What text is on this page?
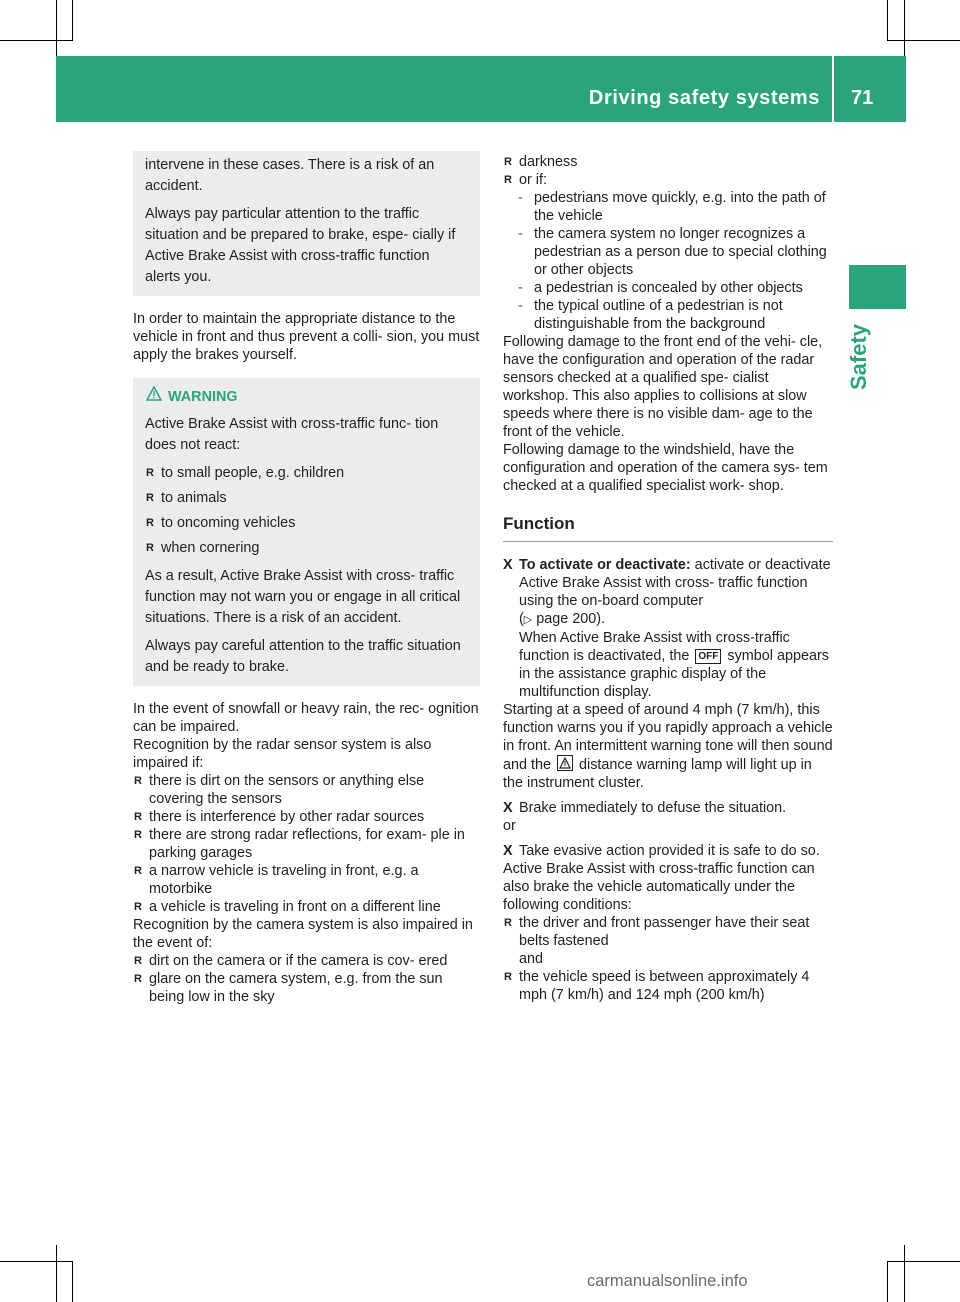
Driving safety systems 71
Safety

intervene in these cases. There is a risk of an accident.

Always pay particular attention to the traffic situation and be prepared to brake, espe- cially if Active Brake Assist with cross-traffic function alerts you.

In order to maintain the appropriate distance to the vehicle in front and thus prevent a colli- sion, you must apply the brakes yourself.

WARNING

Active Brake Assist with cross-traffic func- tion does not react:

R to small people, e.g. children

R to animals

R to oncoming vehicles

R when cornering

As a result, Active Brake Assist with cross- traffic function may not warn you or engage in all critical situations. There is a risk of an accident.

Always pay careful attention to the traffic situation and be ready to brake.

In the event of snowfall or heavy rain, the rec- ognition can be impaired.

Recognition by the radar sensor system is also impaired if:

R there is dirt on the sensors or anything else covering the sensors

R there is interference by other radar sources

R there are strong radar reflections, for exam- ple in parking garages

R a narrow vehicle is traveling in front, e.g. a motorbike

R a vehicle is traveling in front on a different line

Recognition by the camera system is also impaired in the event of:

R dirt on the camera or if the camera is cov- ered

R glare on the camera system, e.g. from the sun being low in the sky

R darkness

R or if:

- pedestrians move quickly, e.g. into the path of the vehicle

- the camera system no longer recognizes a pedestrian as a person due to special clothing or other objects

- a pedestrian is concealed by other objects

- the typical outline of a pedestrian is not distinguishable from the background

Following damage to the front end of the vehi- cle, have the configuration and operation of the radar sensors checked at a qualified spe- cialist workshop. This also applies to collisions at slow speeds where there is no visible dam- age to the front of the vehicle.

Following damage to the windshield, have the configuration and operation of the camera sys- tem checked at a qualified specialist work- shop.

Function
X To activate or deactivate: activate or deactivate Active Brake Assist with cross- traffic function using the on-board computer

(▷ page 200).

When Active Brake Assist with cross-traffic function is deactivated, the OFF symbol appears in the assistance graphic display of the multifunction display.

Starting at a speed of around 4 mph (7 km/h), this function warns you if you rapidly approach a vehicle in front. An intermittent warning tone will then sound and the distance warning lamp will light up in the instrument cluster.

X Brake immediately to defuse the situation.

or

X Take evasive action provided it is safe to do so.

Active Brake Assist with cross-traffic function can also brake the vehicle automatically under the following conditions:

R the driver and front passenger have their seat belts fastened

and

R the vehicle speed is between approximately 4 mph (7 km/h) and 124 mph (200 km/h)

carmanualsonline.info
